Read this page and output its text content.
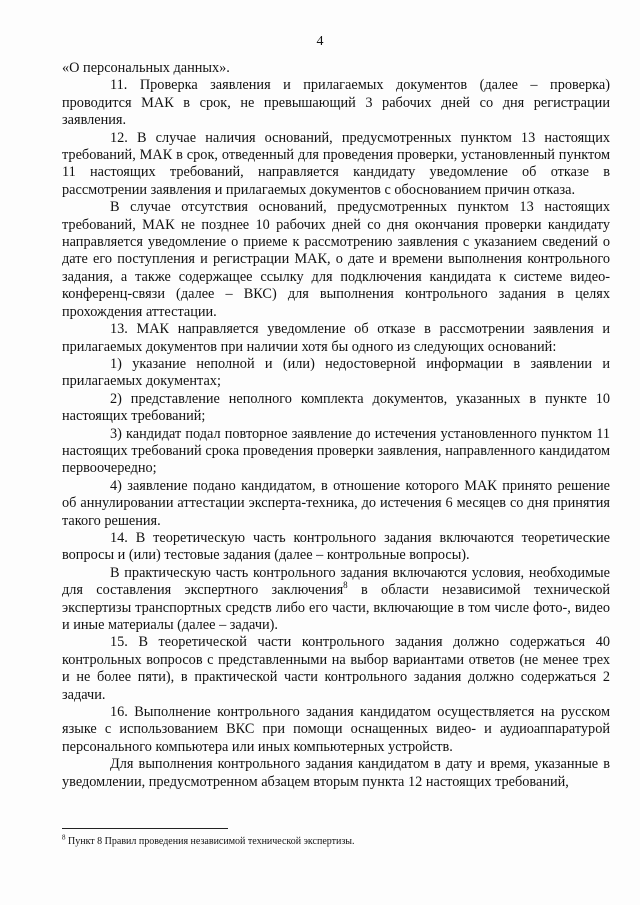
4

«О персональных данных».

11. Проверка заявления и прилагаемых документов (далее – проверка) проводится МАК в срок, не превышающий 3 рабочих дней со дня регистрации заявления.

12. В случае наличия оснований, предусмотренных пунктом 13 настоящих требований, МАК в срок, отведенный для проведения проверки, установленный пунктом 11 настоящих требований, направляется кандидату уведомление об отказе в рассмотрении заявления и прилагаемых документов с обоснованием причин отказа.

В случае отсутствия оснований, предусмотренных пунктом 13 настоящих требований, МАК не позднее 10 рабочих дней со дня окончания проверки кандидату направляется уведомление о приеме к рассмотрению заявления с указанием сведений о дате его поступления и регистрации МАК, о дате и времени выполнения контрольного задания, а также содержащее ссылку для подключения кандидата к системе видео-конференц-связи (далее – ВКС) для выполнения контрольного задания в целях прохождения аттестации.

13. МАК направляется уведомление об отказе в рассмотрении заявления и прилагаемых документов при наличии хотя бы одного из следующих оснований:

1) указание неполной и (или) недостоверной информации в заявлении и прилагаемых документах;

2) представление неполного комплекта документов, указанных в пункте 10 настоящих требований;

3) кандидат подал повторное заявление до истечения установленного пунктом 11 настоящих требований срока проведения проверки заявления, направленного кандидатом первоочередно;

4) заявление подано кандидатом, в отношение которого МАК принято решение об аннулировании аттестации эксперта-техника, до истечения 6 месяцев со дня принятия такого решения.

14. В теоретическую часть контрольного задания включаются теоретические вопросы и (или) тестовые задания (далее – контрольные вопросы).

В практическую часть контрольного задания включаются условия, необходимые для составления экспертного заключения$^8$ в области независимой технической экспертизы транспортных средств либо его части, включающие в том числе фото-, видео и иные материалы (далее – задачи).

15. В теоретической части контрольного задания должно содержаться 40 контрольных вопросов с представленными на выбор вариантами ответов (не менее трех и не более пяти), в практической части контрольного задания должно содержаться 2 задачи.

16. Выполнение контрольного задания кандидатом осуществляется на русском языке с использованием ВКС при помощи оснащенных видео- и аудиоаппаратурой персонального компьютера или иных компьютерных устройств.

Для выполнения контрольного задания кандидатом в дату и время, указанные в уведомлении, предусмотренном абзацем вторым пункта 12 настоящих требований,

$^8$ Пункт 8 Правил проведения независимой технической экспертизы.
